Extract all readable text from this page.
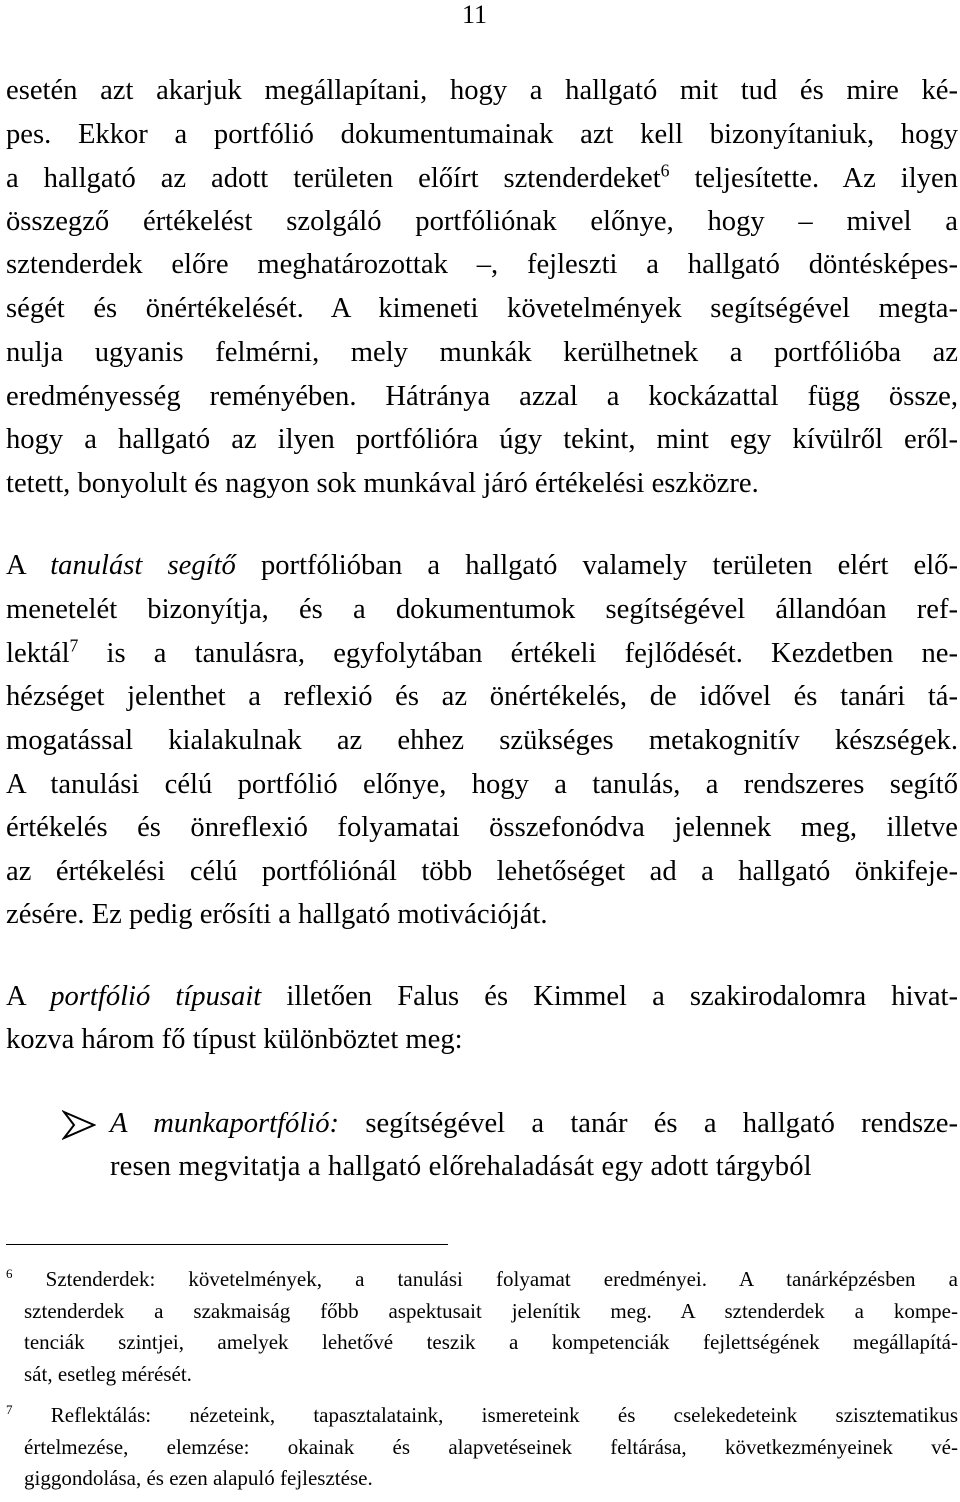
11
esetén azt akarjuk megállapítani, hogy a hallgató mit tud és mire ké-
pes. Ekkor a portfólió dokumentumainak azt kell bizonyítaniuk, hogy
a hallgató az adott területen előírt sztenderdeket$^6$ teljesítette. Az ilyen
összegző értékelést szolgáló portfóliónak előnye, hogy – mivel a
sztenderdek előre meghatározottak –, fejleszti a hallgató döntésképes-
ségét és önértékelését. A kimeneti követelmények segítségével megta-
nulja ugyanis felmérni, mely munkák kerülhetnek a portfólióba az
eredményesség reményében. Hátránya azzal a kockázattal függ össze,
hogy a hallgató az ilyen portfólióra úgy tekint, mint egy kívülről eről-
tetett, bonyolult és nagyon sok munkával járó értékelési eszközre.
A tanulást segítő portfólióban a hallgató valamely területen elért elő-
menetelét bizonyítja, és a dokumentumok segítségével állandóan ref-
lektál$^7$ is a tanulásra, egyfolytában értékeli fejlődését. Kezdetben ne-
hézséget jelenthet a reflexió és az önértékelés, de idővel és tanári tá-
mogatással kialakulnak az ehhez szükséges metakognitív készségek.
A tanulási célú portfólió előnye, hogy a tanulás, a rendszeres segítő
értékelés és önreflexió folyamatai összefonódva jelennek meg, illetve
az értékelési célú portfóliónál több lehetőséget ad a hallgató önkifeje-
zésére. Ez pedig erősíti a hallgató motivációját.
A portfólió típusait illetően Falus és Kimmel a szakirodalomra hivat-
kozva három fő típust különböztet meg:
A munkaportfólió: segítségével a tanár és a hallgató rendsze-
resen megvitatja a hallgató előrehaladását egy adott tárgyból
$^6$ Sztenderdek: követelmények, a tanulási folyamat eredményei. A tanárképzésben a
sztenderdek a szakmaiság főbb aspektusait jelenítik meg. A sztenderdek a kompe-
tenciák szintjei, amelyek lehetővé teszik a kompetenciák fejlettségének megállapítá-
sát, esetleg mérését.
$^7$ Reflektálás: nézeteink, tapasztalataink, ismereteink és cselekedeteink szisztematikus
értelmezése, elemzése: okainak és alapvetéseinek feltárása, következményeinek vé-
giggondolása, és ezen alapuló fejlesztése.
